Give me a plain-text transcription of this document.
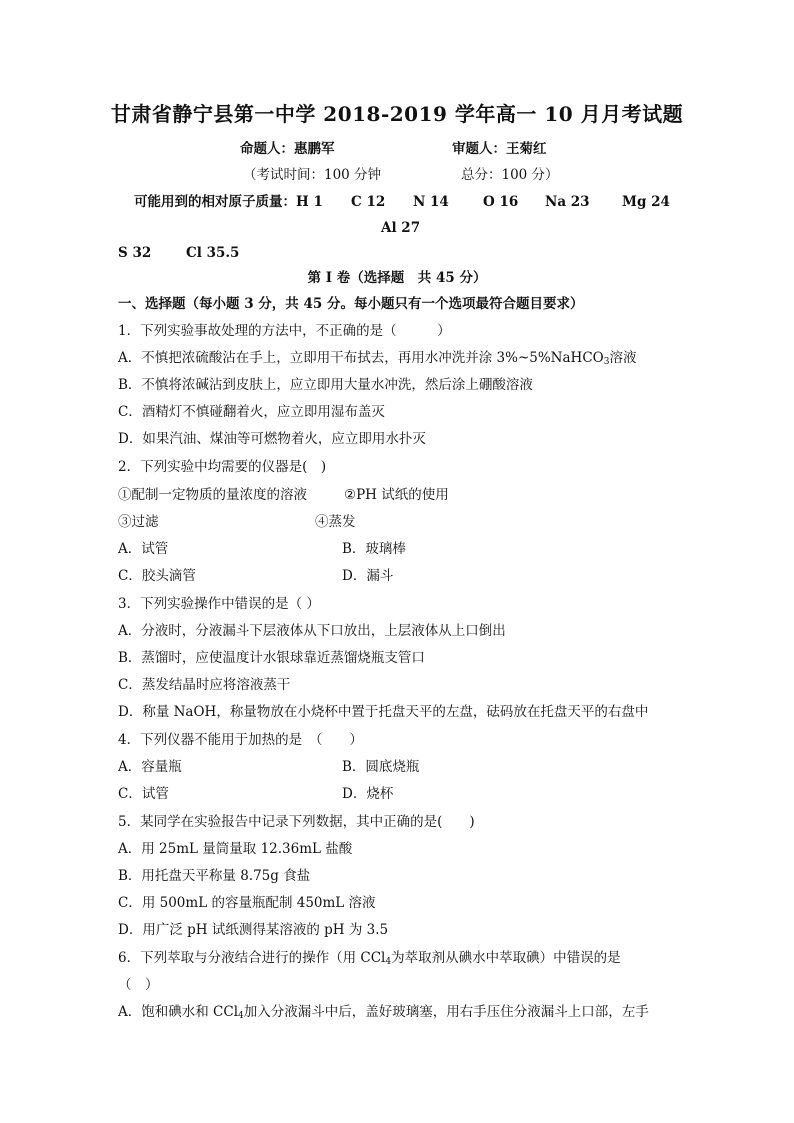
甘肃省静宁县第一中学 2018-2019 学年高一 10 月月考试题
命题人：惠鹏军	审题人：王菊红
（考试时间：100 分钟	总分：100 分）
可能用到的相对原子质量：H 1 C 12 N 14	O 16 Na 23 Mg 24
Al 27
S 32	Cl 35.5
第 I 卷（选择题　共 45 分）
一、选择题（每小题 3 分，共 45 分。每小题只有一个选项最符合题目要求）
1．下列实验事故处理的方法中，不正确的是（　　　）
A．不慎把浓硫酸沾在手上，立即用干布拭去，再用水冲洗并涂 3%~5%NaHCO$_3$溶液
B．不慎将浓碱沾到皮肤上，应立即用大量水冲洗，然后涂上硼酸溶液
C．酒精灯不慎碰翻着火，应立即用湿布盖灭
D．如果汽油、煤油等可燃物着火，应立即用水扑灭
2．下列实验中均需要的仪器是(　)
①配制一定物质的量浓度的溶液	②PH 试纸的使用
③过滤	④蒸发
A．试管	B．玻璃棒
C．胶头滴管	D．漏斗
3．下列实验操作中错误的是（ ）
A．分液时，分液漏斗下层液体从下口放出，上层液体从上口倒出
B．蒸馏时，应使温度计水银球靠近蒸馏烧瓶支管口
C．蒸发结晶时应将溶液蒸干
D．称量 NaOH，称量物放在小烧杯中置于托盘天平的左盘，砝码放在托盘天平的右盘中
4．下列仪器不能用于加热的是　（　　）
A．容量瓶	B．圆底烧瓶
C．试管	D．烧杯
5．某同学在实验报告中记录下列数据，其中正确的是(　　)
A．用 25mL 量筒量取 12.36mL 盐酸
B．用托盘天平称量 8.75g 食盐
C．用 500mL 的容量瓶配制 450mL 溶液
D．用广泛 pH 试纸测得某溶液的 pH 为 3.5
6．下列萃取与分液结合进行的操作（用 CCl$_4$为萃取剂从碘水中萃取碘）中错误的是
（　）
A．饱和碘水和 CCl$_4$加入分液漏斗中后，盖好玻璃塞，用右手压住分液漏斗上口部，左手
